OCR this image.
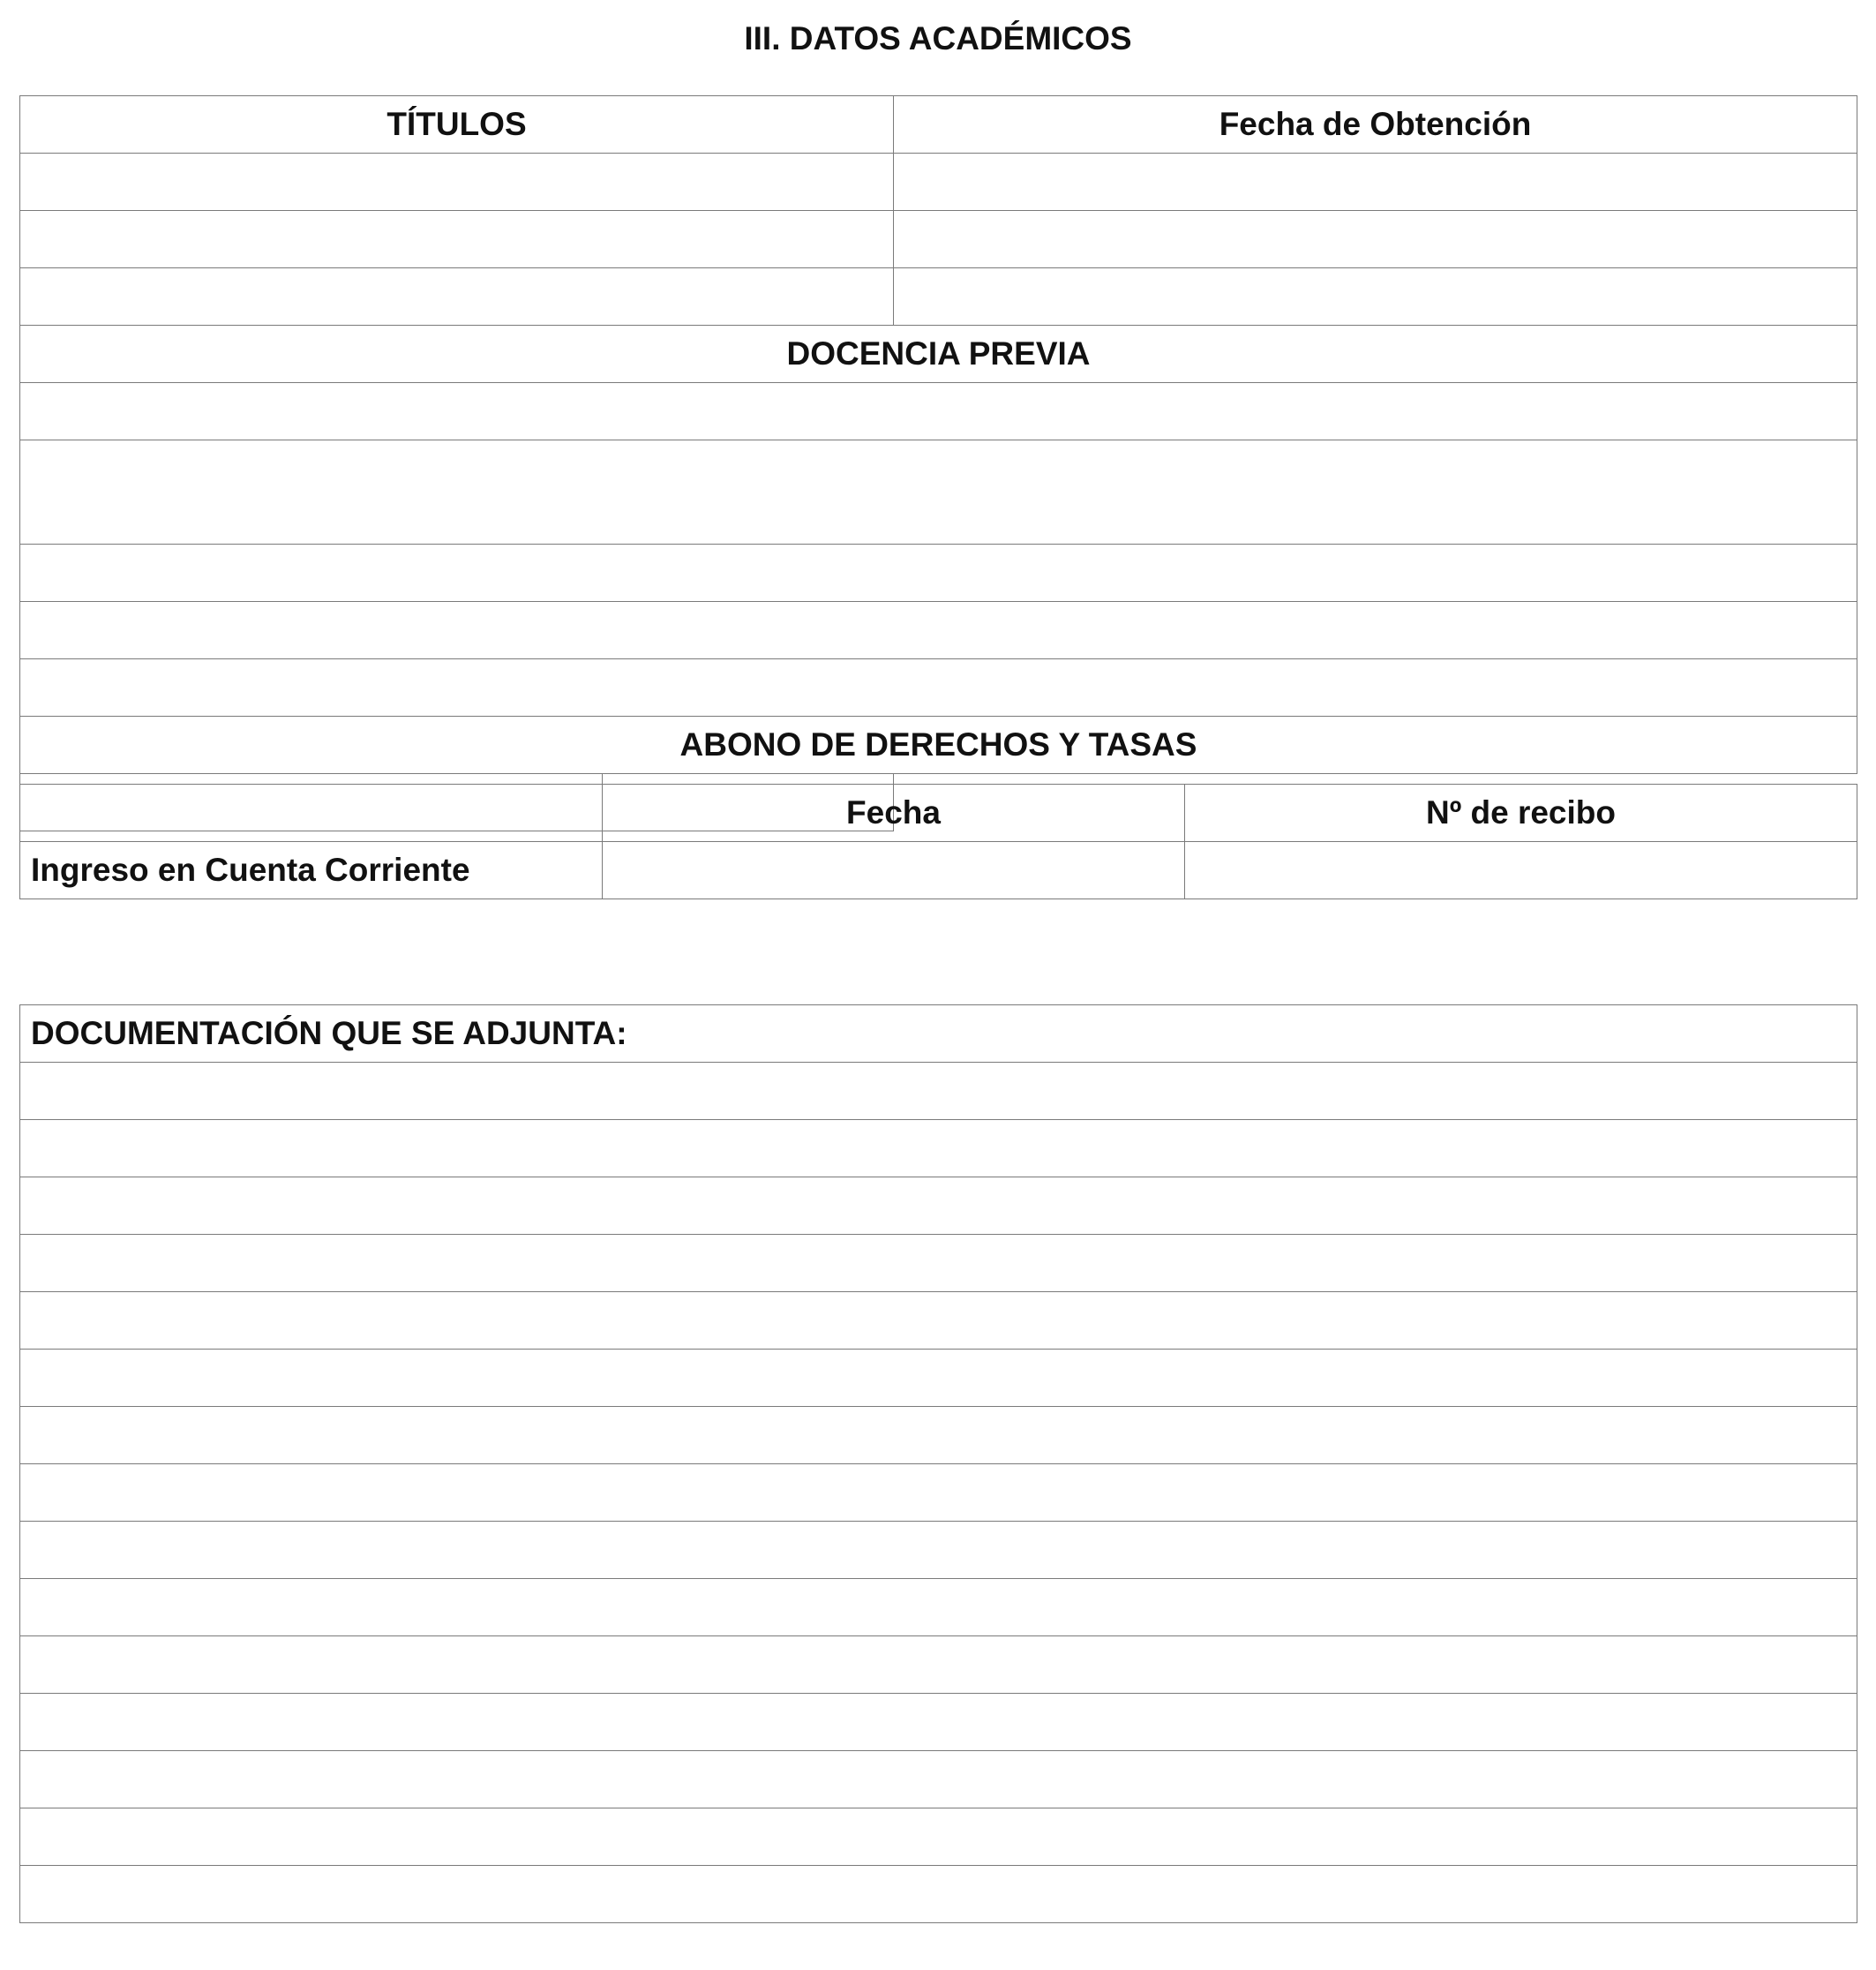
III. DATOS ACADÉMICOS
TÍTULOS	Fecha de Obtención

DOCENCIA PREVIA

ABONO DE DERECHOS Y TASAS

	Fecha	Nº de recibo
Ingreso en Cuenta Corriente		
DOCUMENTACIÓN QUE SE ADJUNTA:
